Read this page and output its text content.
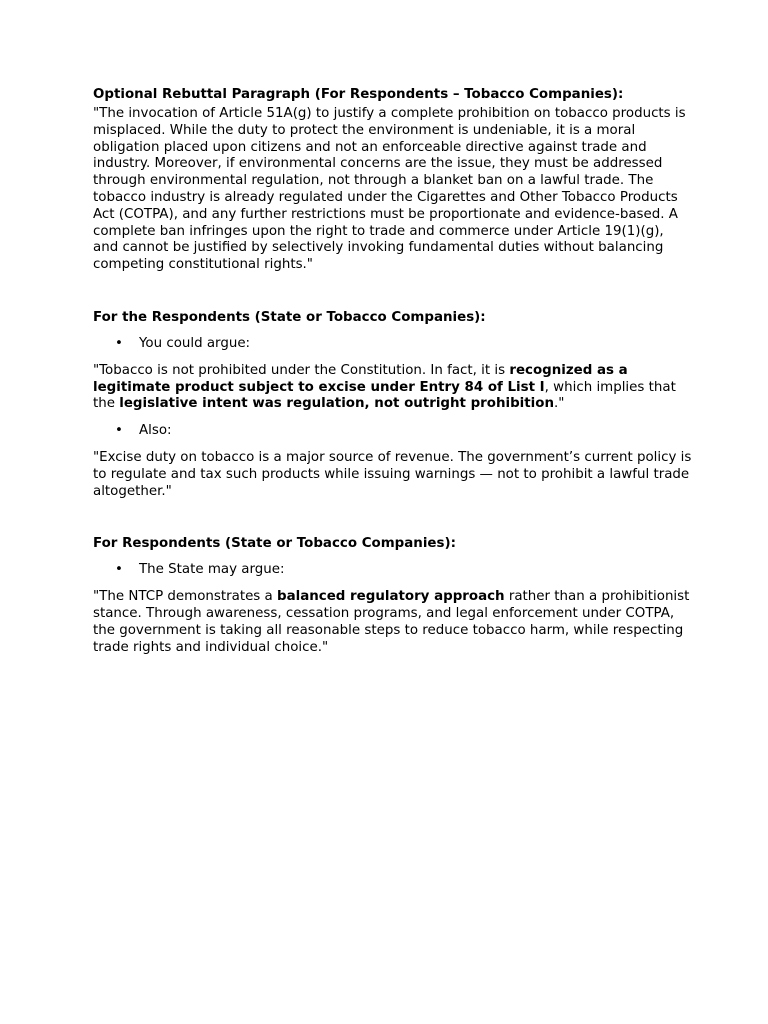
Optional Rebuttal Paragraph (For Respondents – Tobacco Companies):

"The invocation of Article 51A(g) to justify a complete prohibition on tobacco products is misplaced. While the duty to protect the environment is undeniable, it is a moral obligation placed upon citizens and not an enforceable directive against trade and industry. Moreover, if environmental concerns are the issue, they must be addressed through environmental regulation, not through a blanket ban on a lawful trade. The tobacco industry is already regulated under the Cigarettes and Other Tobacco Products Act (COTPA), and any further restrictions must be proportionate and evidence-based. A complete ban infringes upon the right to trade and commerce under Article 19(1)(g), and cannot be justified by selectively invoking fundamental duties without balancing competing constitutional rights."

For the Respondents (State or Tobacco Companies):

• You could argue:

"Tobacco is not prohibited under the Constitution. In fact, it is recognized as a legitimate product subject to excise under Entry 84 of List I, which implies that the legislative intent was regulation, not outright prohibition."

• Also:

"Excise duty on tobacco is a major source of revenue. The government’s current policy is to regulate and tax such products while issuing warnings — not to prohibit a lawful trade altogether."

For Respondents (State or Tobacco Companies):

• The State may argue:

"The NTCP demonstrates a balanced regulatory approach rather than a prohibitionist stance. Through awareness, cessation programs, and legal enforcement under COTPA, the government is taking all reasonable steps to reduce tobacco harm, while respecting trade rights and individual choice."
